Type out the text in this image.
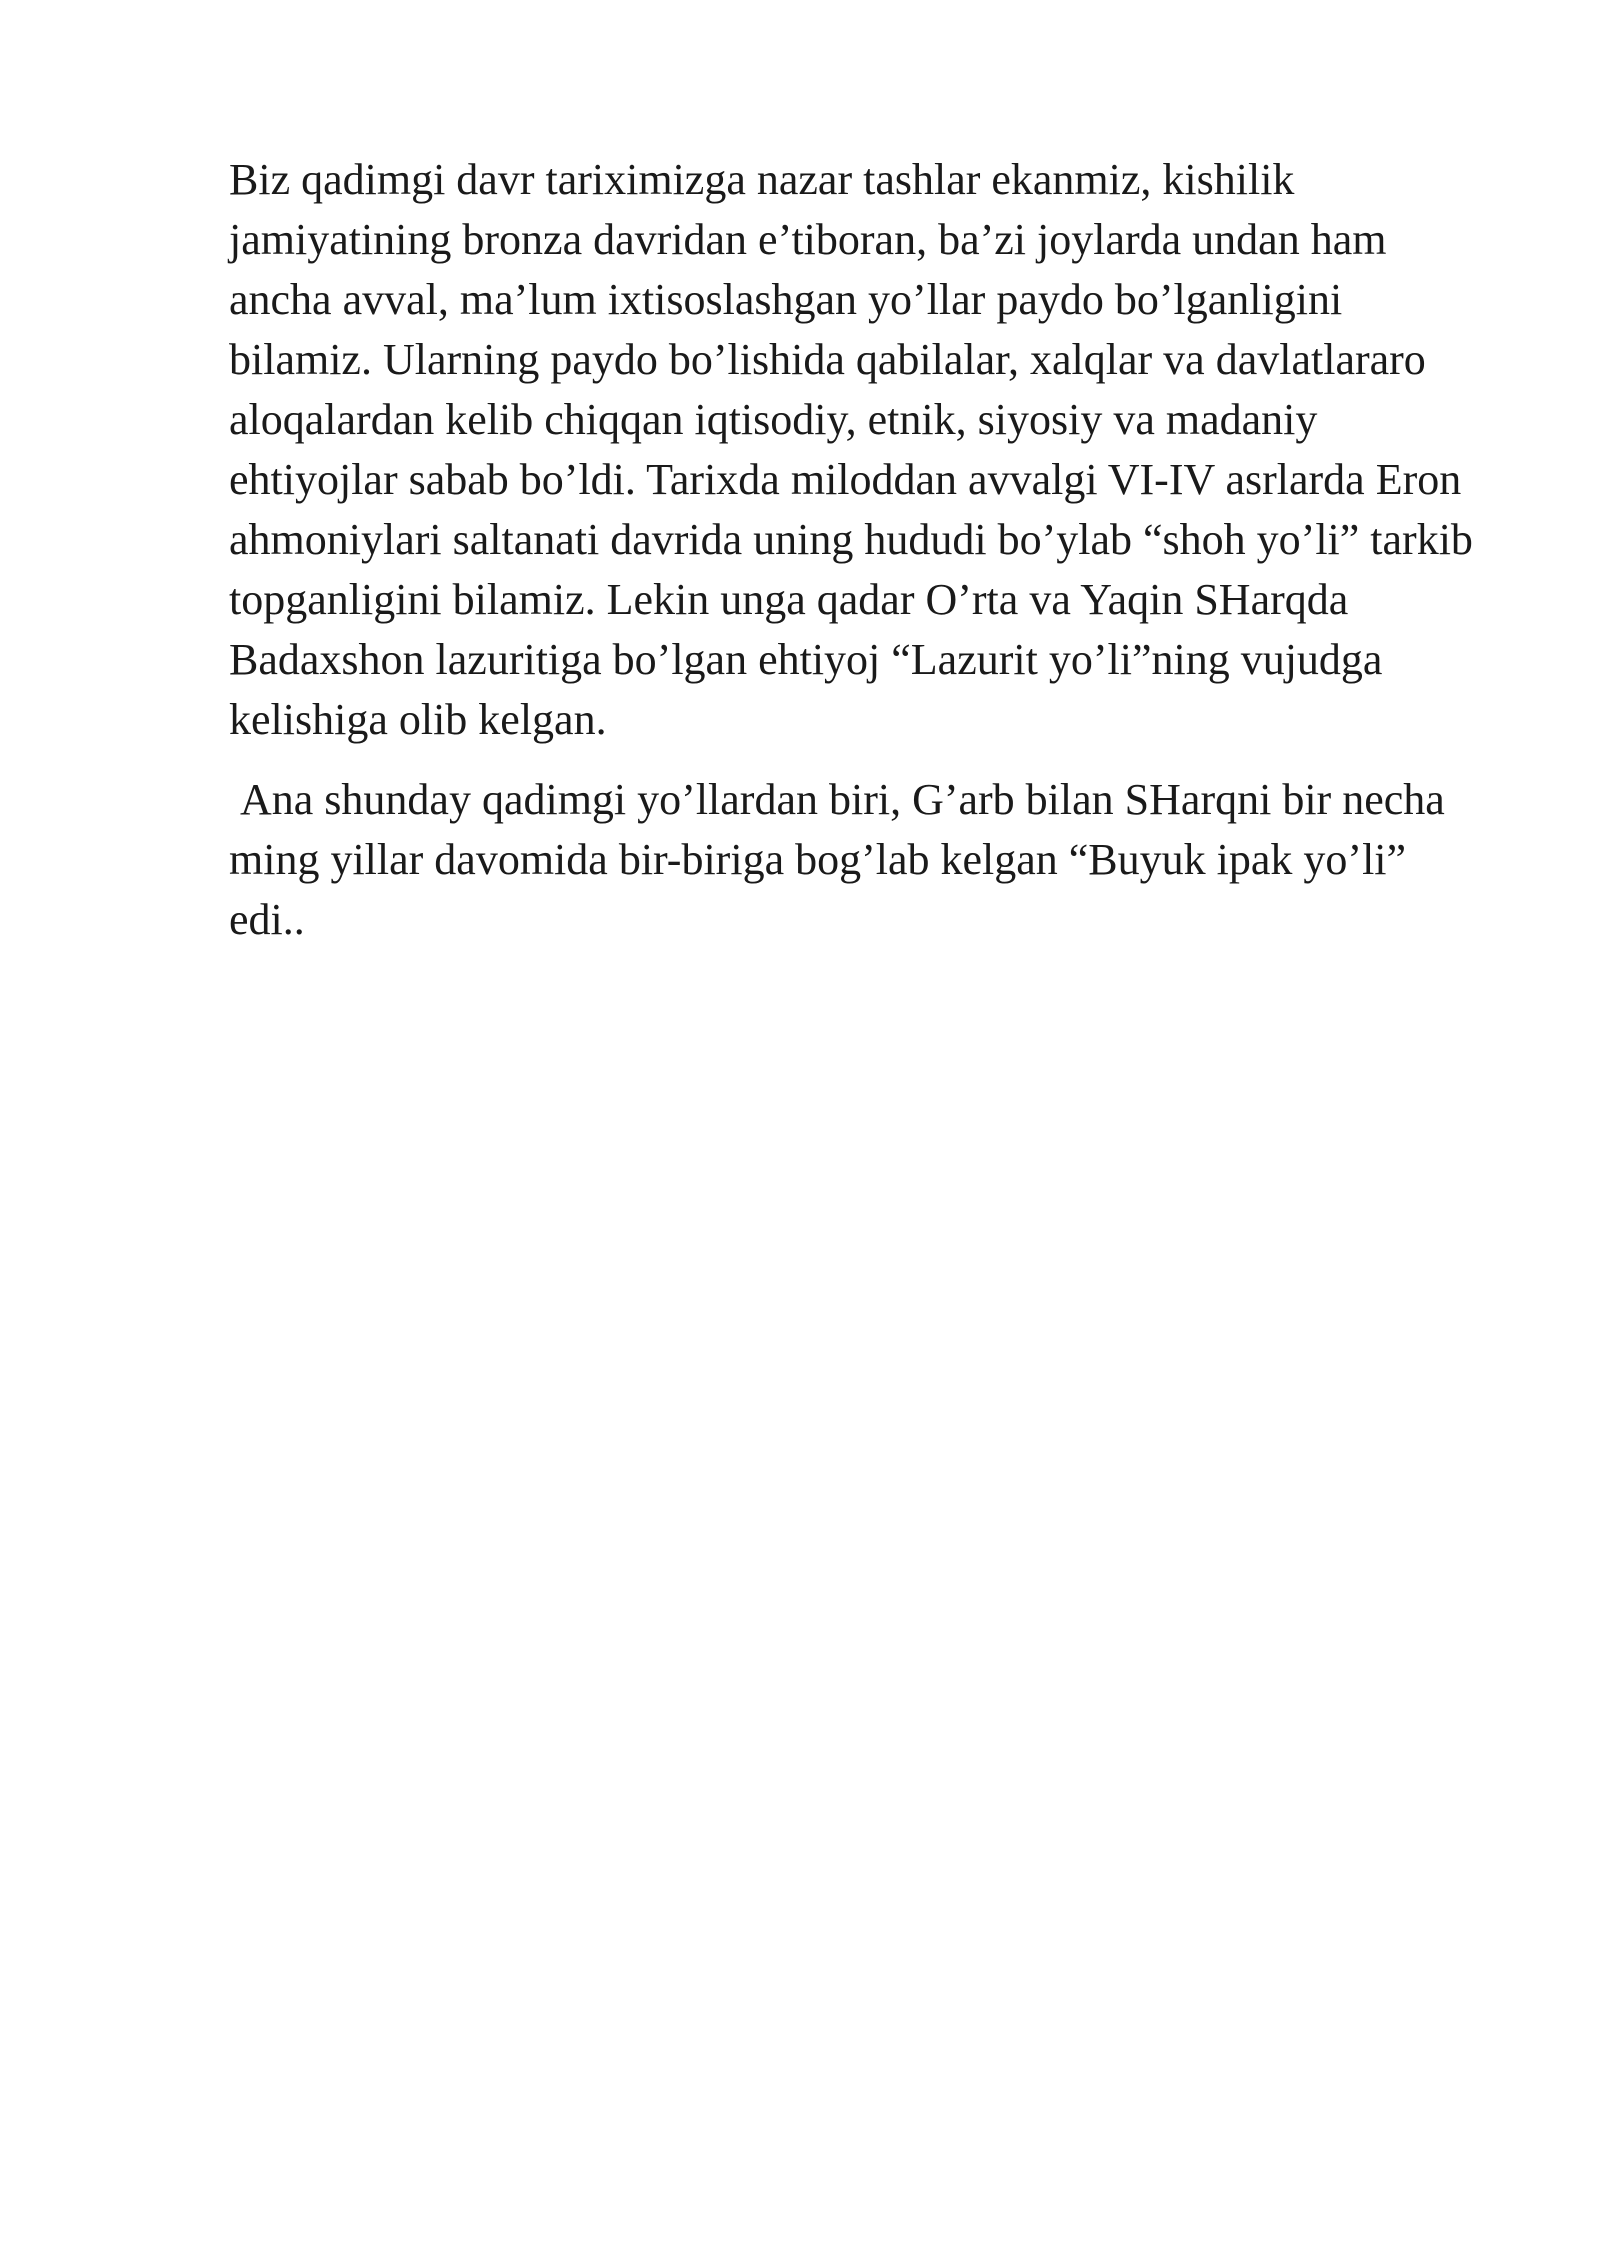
Biz qadimgi davr tariximizga nazar tashlar ekanmiz, kishilik jamiyatining bronza davridan e’tiboran, ba’zi joylarda undan ham ancha avval, ma’lum ixtisoslashgan yo’llar paydo bo’lganligini bilamiz. Ularning paydo bo’lishida qabilalar, xalqlar va davlatlararo aloqalardan kelib chiqqan iqtisodiy, etnik, siyosiy va madaniy ehtiyojlar sabab bo’ldi. Tarixda miloddan avvalgi VI-IV asrlarda Eron ahmoniylari saltanati davrida uning hududi bo’ylab “shoh yo’li” tarkib topganligini bilamiz. Lekin unga qadar O’rta va Yaqin SHarqda Badaxshon lazuritiga bo’lgan ehtiyoj “Lazurit yo’li”ning vujudga kelishiga olib kelgan.

Ana shunday qadimgi yo’llardan biri, G’arb bilan SHarqni bir necha ming yillar davomida bir-biriga bog’lab kelgan “Buyuk ipak yo’li” edi..
